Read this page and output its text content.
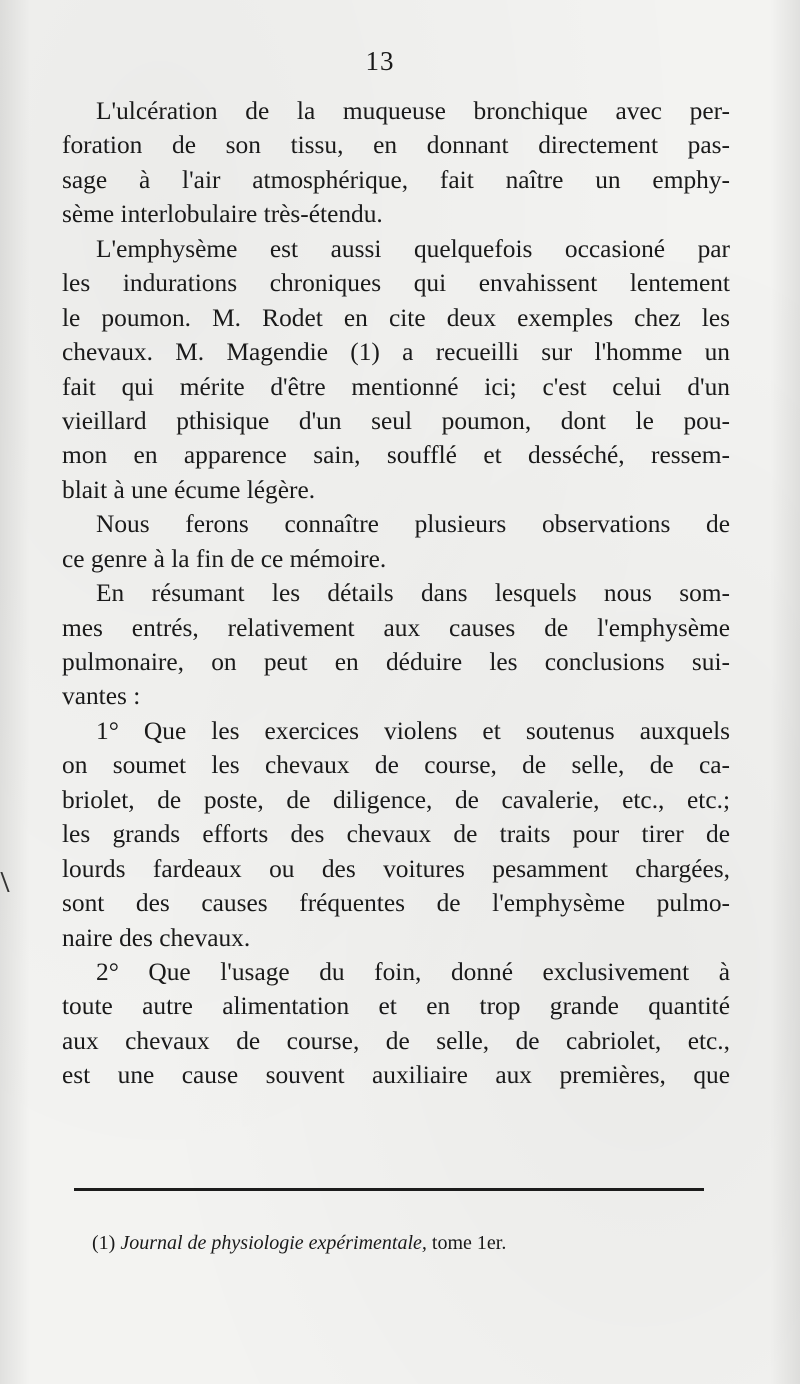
13
L'ulcération de la muqueuse bronchique avec per-
foration de son tissu, en donnant directement pas-
sage à l'air atmosphérique, fait naître un emphy-
sème interlobulaire très-étendu.
L'emphysème est aussi quelquefois occasioné par
les indurations chroniques qui envahissent lentement
le poumon. M. Rodet en cite deux exemples chez les
chevaux. M. Magendie (1) a recueilli sur l'homme un
fait qui mérite d'être mentionné ici; c'est celui d'un
vieillard pthisique d'un seul poumon, dont le pou-
mon en apparence sain, soufflé et desséché, ressem-
blait à une écume légère.
Nous ferons connaître plusieurs observations de
ce genre à la fin de ce mémoire.
En résumant les détails dans lesquels nous som-
mes entrés, relativement aux causes de l'emphysème
pulmonaire, on peut en déduire les conclusions sui-
vantes :
1° Que les exercices violens et soutenus auxquels
on soumet les chevaux de course, de selle, de ca-
briolet, de poste, de diligence, de cavalerie, etc., etc.;
les grands efforts des chevaux de traits pour tirer de
lourds fardeaux ou des voitures pesamment chargées,
sont des causes fréquentes de l'emphysème pulmo-
naire des chevaux.
2° Que l'usage du foin, donné exclusivement à
toute autre alimentation et en trop grande quantité
aux chevaux de course, de selle, de cabriolet, etc.,
est une cause souvent auxiliaire aux premières, que
(1) Journal de physiologie expérimentale, tome 1er.
